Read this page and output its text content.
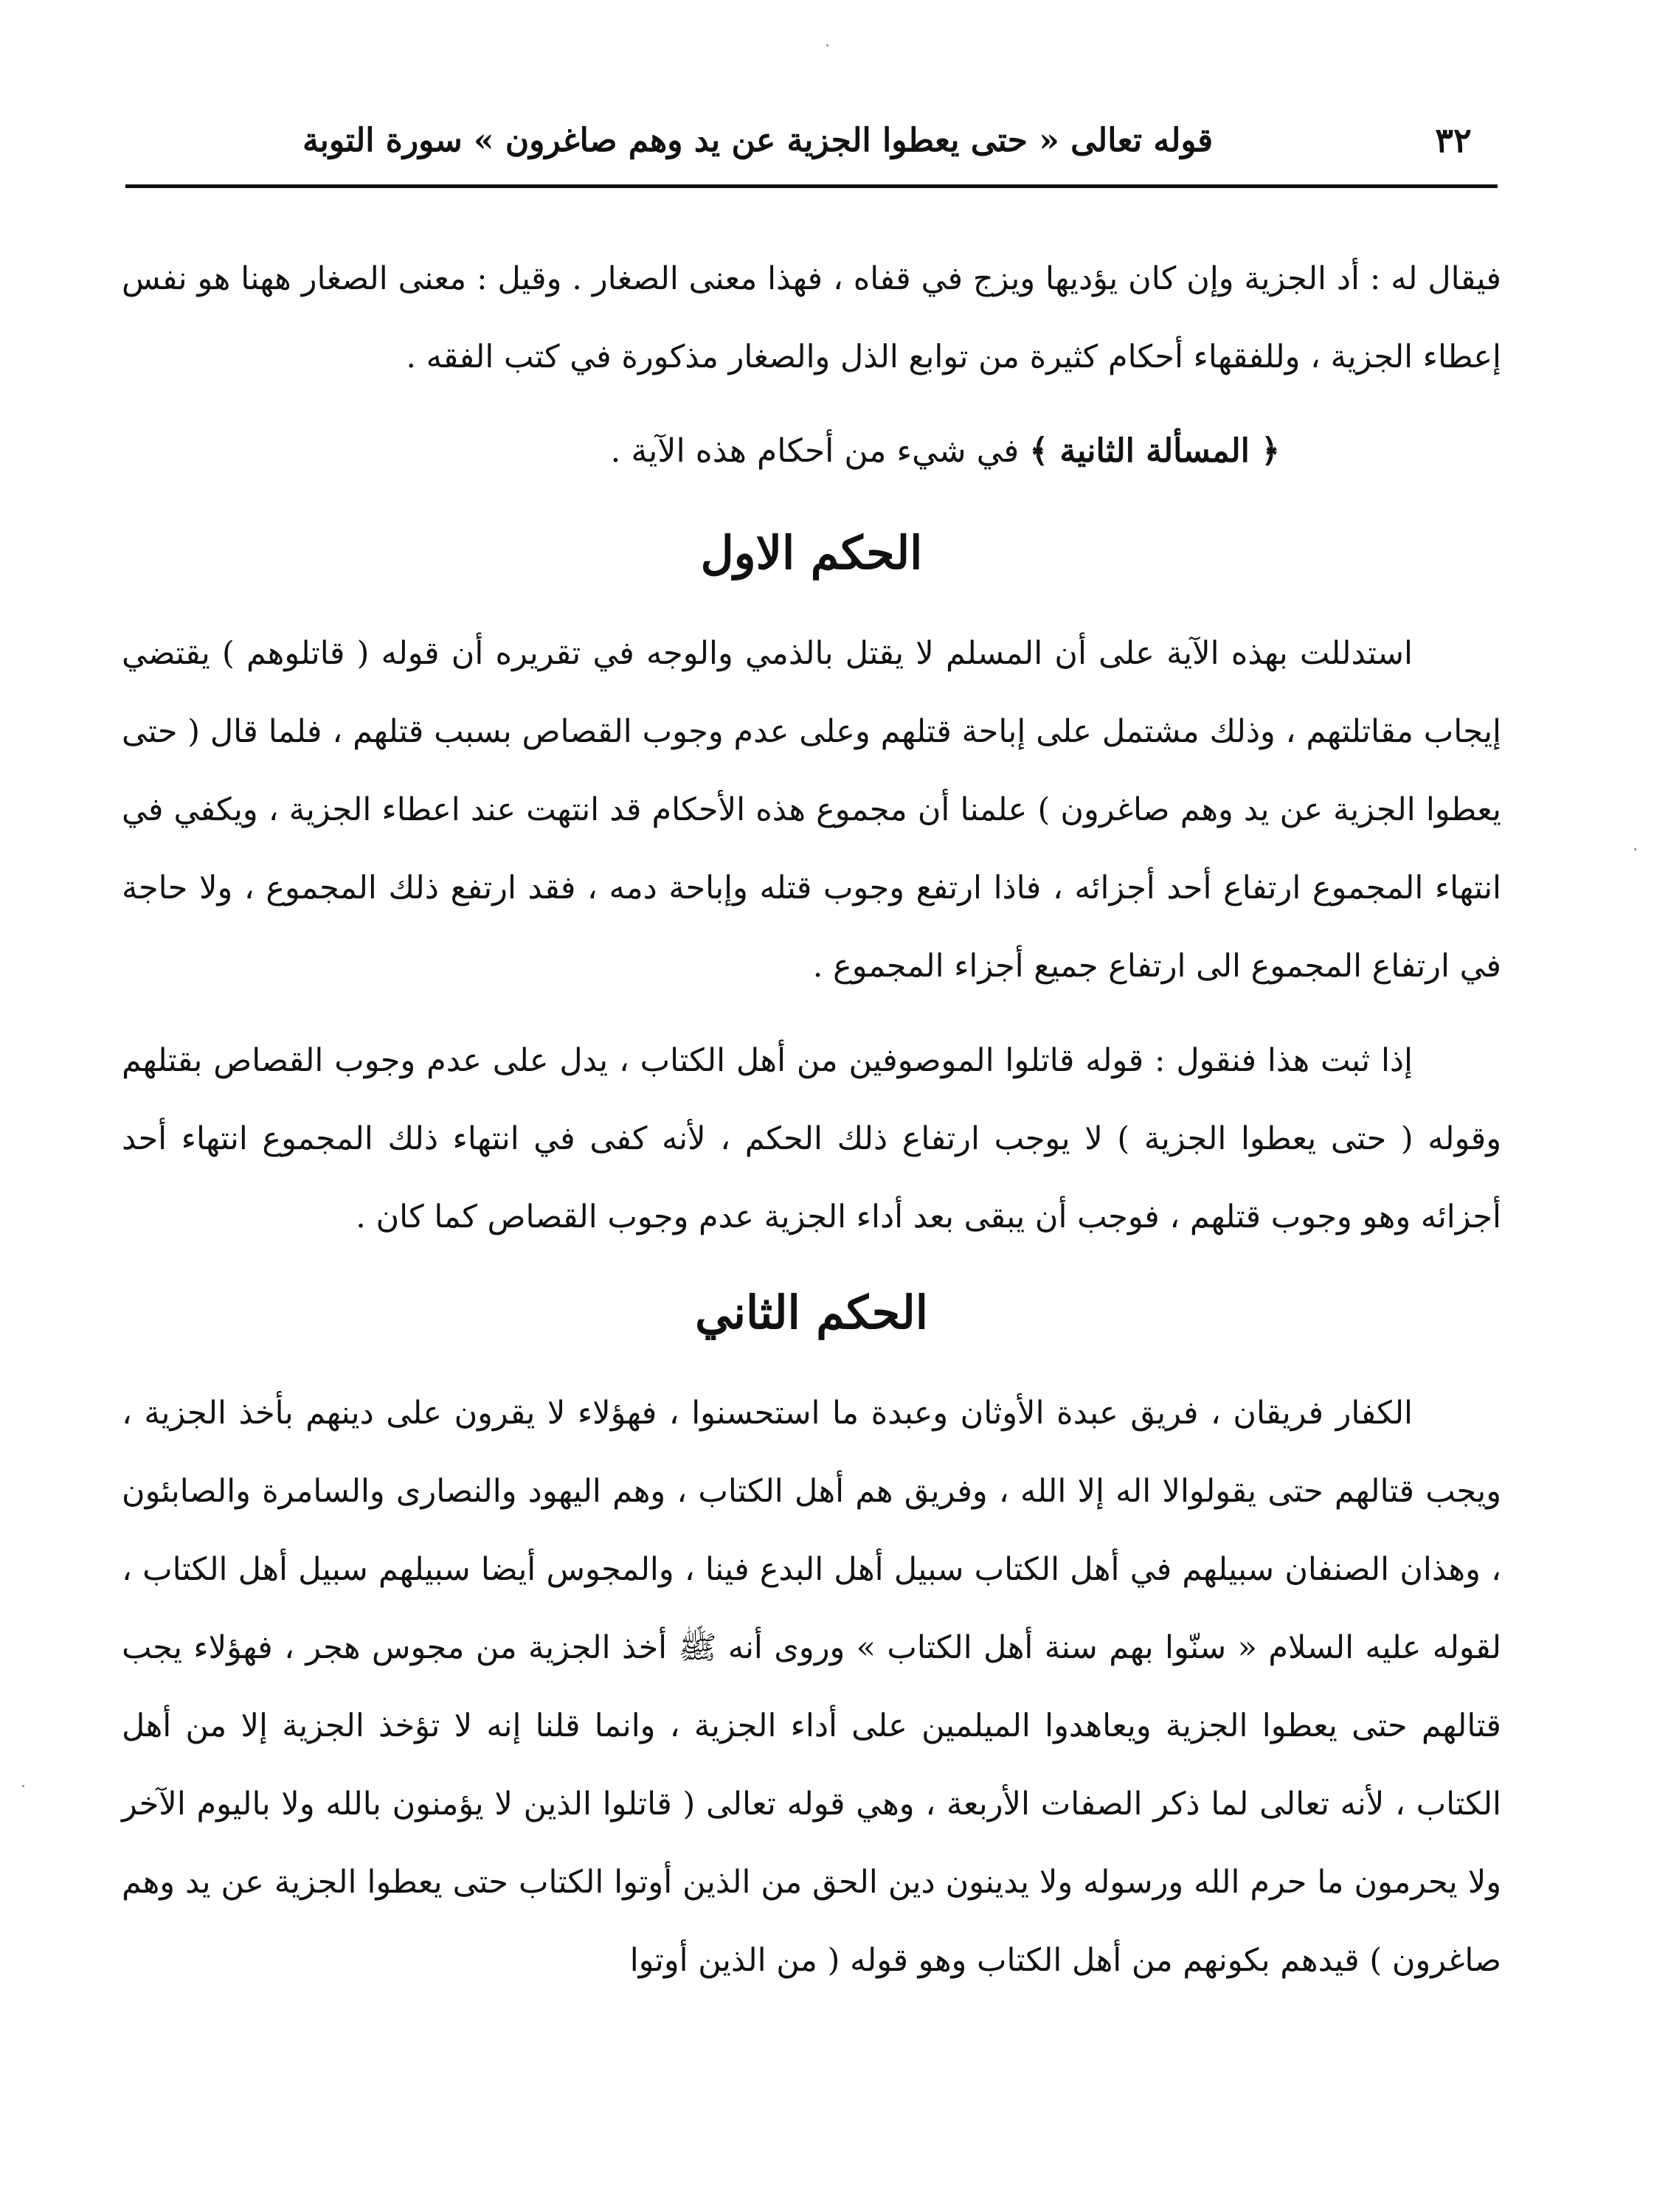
٣٢
قوله تعالى « حتى يعطوا الجزية عن يد وهم صاغرون » سورة التوبة

فيقال له : أد الجزية وإن كان يؤديها ويزج في قفاه ، فهذا معنى الصغار . وقيل : معنى الصغار ههنا هو نفس إعطاء الجزية ، وللفقهاء أحكام كثيرة من توابع الذل والصغار مذكورة في كتب الفقه .

﴿ المسألة الثانية ﴾ في شيء من أحكام هذه الآية .
الحكم الاول

استدللت بهذه الآية على أن المسلم لا يقتل بالذمي والوجه في تقريره أن قوله ( قاتلوهم ) يقتضي إيجاب مقاتلتهم ، وذلك مشتمل على إباحة قتلهم وعلى عدم وجوب القصاص بسبب قتلهم ، فلما قال ( حتى يعطوا الجزية عن يد وهم صاغرون ) علمنا أن مجموع هذه الأحكام قد انتهت عند اعطاء الجزية ، ويكفي في انتهاء المجموع ارتفاع أحد أجزائه ، فاذا ارتفع وجوب قتله وإباحة دمه ، فقد ارتفع ذلك المجموع ، ولا حاجة في ارتفاع المجموع الى ارتفاع جميع أجزاء المجموع .

إذا ثبت هذا فنقول : قوله قاتلوا الموصوفين من أهل الكتاب ، يدل على عدم وجوب القصاص بقتلهم وقوله ( حتى يعطوا الجزية ) لا يوجب ارتفاع ذلك الحكم ، لأنه كفى في انتهاء ذلك المجموع انتهاء أحد أجزائه وهو وجوب قتلهم ، فوجب أن يبقى بعد أداء الجزية عدم وجوب القصاص كما كان .

الحكم الثاني

الكفار فريقان ، فريق عبدة الأوثان وعبدة ما استحسنوا ، فهؤلاء لا يقرون على دينهم بأخذ الجزية ، ويجب قتالهم حتى يقولوالا اله إلا الله ، وفريق هم أهل الكتاب ، وهم اليهود والنصارى والسامرة والصابئون ، وهذان الصنفان سبيلهم في أهل الكتاب سبيل أهل البدع فينا ، والمجوس أيضا سبيلهم سبيل أهل الكتاب ، لقوله عليه السلام « سنّوا بهم سنة أهل الكتاب » وروى أنه ﷺ أخذ الجزية من مجوس هجر ، فهؤلاء يجب قتالهم حتى يعطوا الجزية ويعاهدوا الميلمين على أداء الجزية ، وانما قلنا إنه لا تؤخذ الجزية إلا من أهل الكتاب ، لأنه تعالى لما ذكر الصفات الأربعة ، وهي قوله تعالى ( قاتلوا الذين لا يؤمنون بالله ولا باليوم الآخر ولا يحرمون ما حرم الله ورسوله ولا يدينون دين الحق من الذين أوتوا الكتاب حتى يعطوا الجزية عن يد وهم صاغرون ) قيدهم بكونهم من أهل الكتاب وهو قوله ( من الذين أوتوا
